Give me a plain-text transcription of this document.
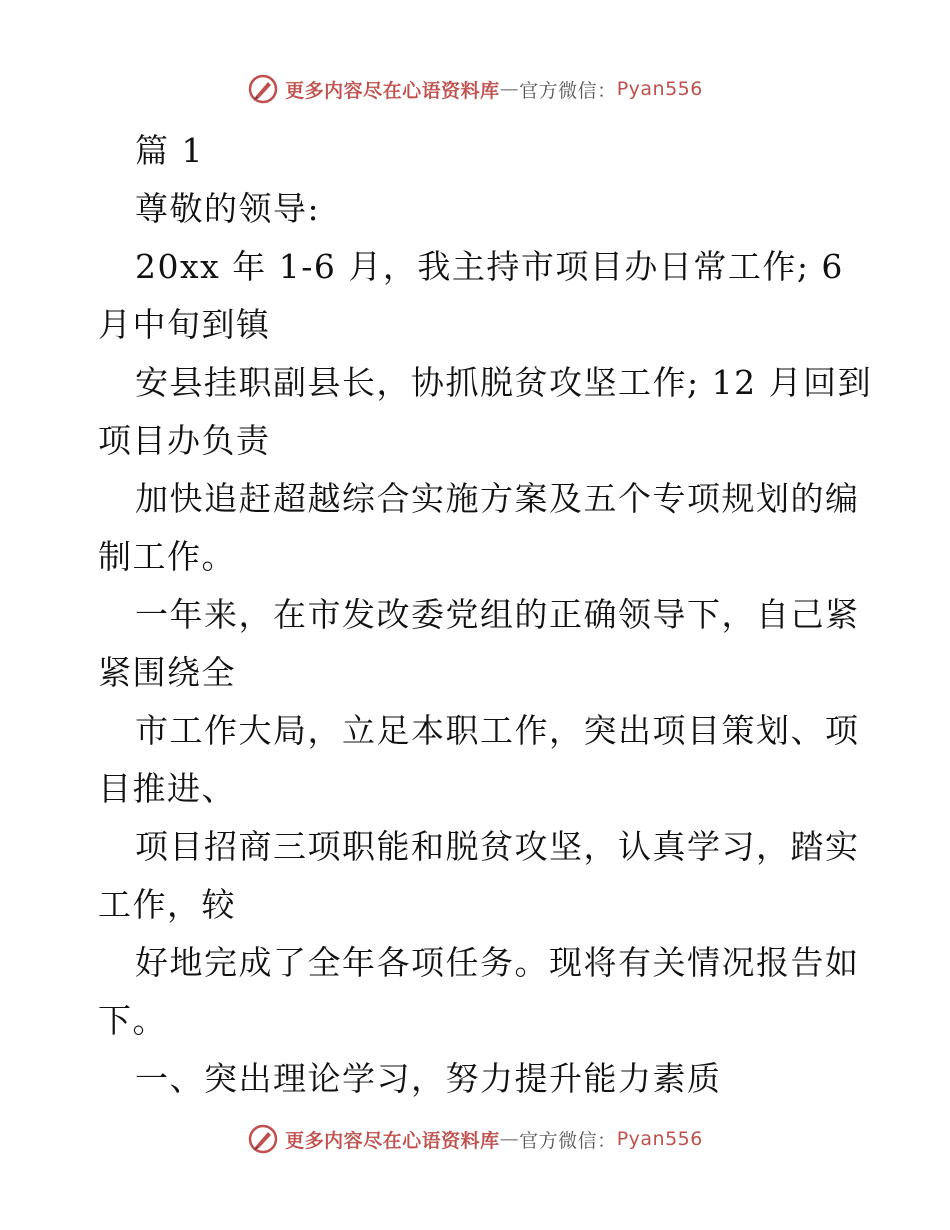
更多内容尽在心语资料库 — 官方微信： Pyan556
篇 1
尊敬的领导:
20xx 年 1-6 月，我主持市项目办日常工作; 6
月中旬到镇
安县挂职副县长，协抓脱贫攻坚工作; 12 月回到
项目办负责
加快追赶超越综合实施方案及五个专项规划的编
制工作。
一年来，在市发改委党组的正确领导下，自己紧
紧围绕全
市工作大局，立足本职工作，突出项目策划、项
目推进、
项目招商三项职能和脱贫攻坚，认真学习，踏实
工作，较
好地完成了全年各项任务。现将有关情况报告如
下。
一、突出理论学习，努力提升能力素质
更多内容尽在心语资料库 — 官方微信： Pyan556
